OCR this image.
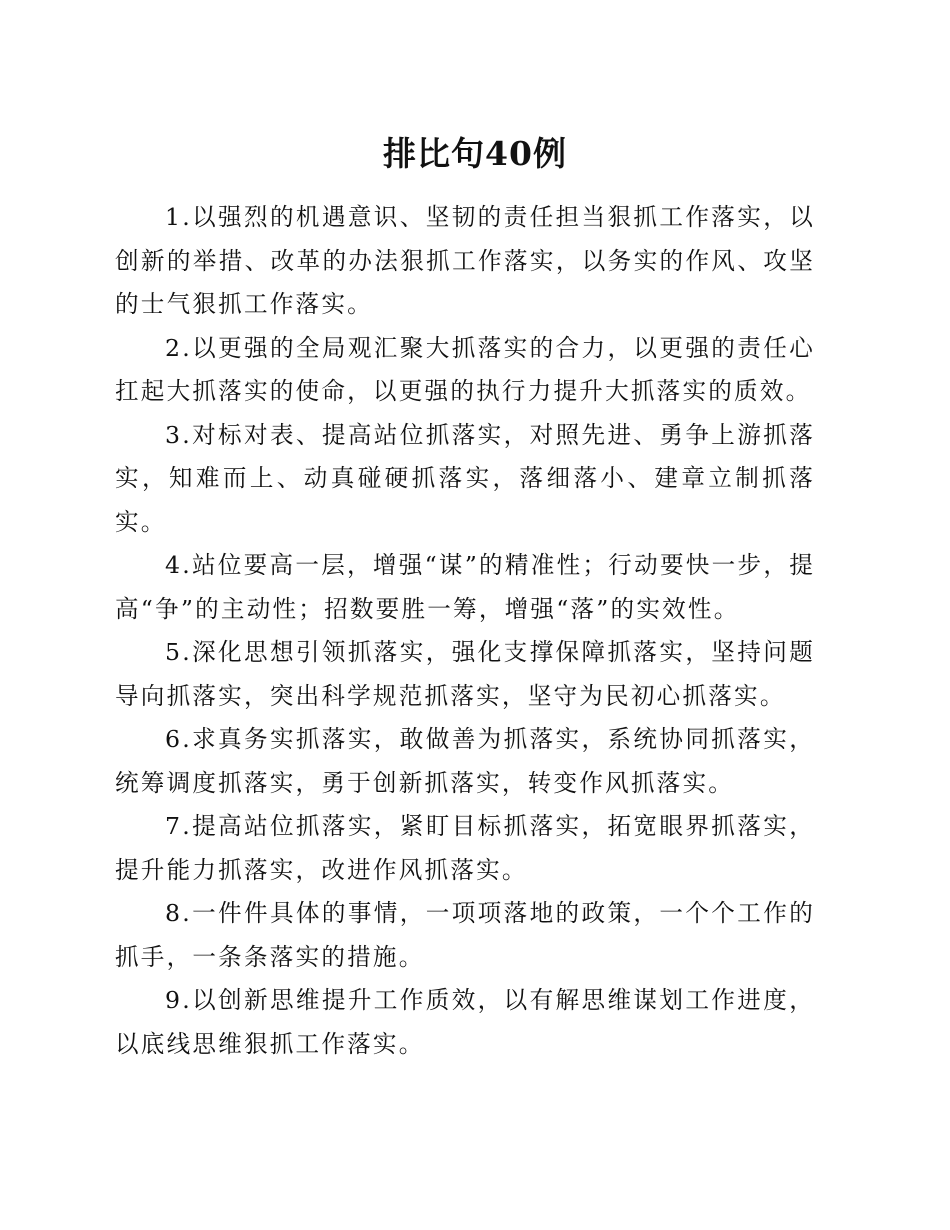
排比句40例

1.以强烈的机遇意识、坚韧的责任担当狠抓工作落实，以创新的举措、改革的办法狠抓工作落实，以务实的作风、攻坚的士气狠抓工作落实。

2.以更强的全局观汇聚大抓落实的合力，以更强的责任心扛起大抓落实的使命，以更强的执行力提升大抓落实的质效。

3.对标对表、提高站位抓落实，对照先进、勇争上游抓落实，知难而上、动真碰硬抓落实，落细落小、建章立制抓落实。

4.站位要高一层，增强“谋”的精准性；行动要快一步，提高“争”的主动性；招数要胜一筹，增强“落”的实效性。

5.深化思想引领抓落实，强化支撑保障抓落实，坚持问题导向抓落实，突出科学规范抓落实，坚守为民初心抓落实。

6.求真务实抓落实，敢做善为抓落实，系统协同抓落实，统筹调度抓落实，勇于创新抓落实，转变作风抓落实。

7.提高站位抓落实，紧盯目标抓落实，拓宽眼界抓落实，提升能力抓落实，改进作风抓落实。

8.一件件具体的事情，一项项落地的政策，一个个工作的抓手，一条条落实的措施。

9.以创新思维提升工作质效，以有解思维谋划工作进度，以底线思维狠抓工作落实。
